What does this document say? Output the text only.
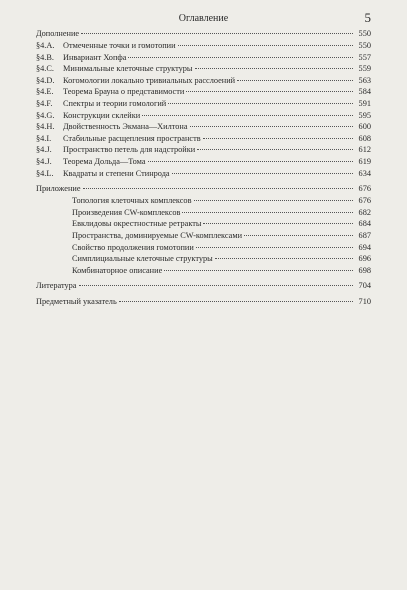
Оглавление	5
Дополнение	550
§4.A.	Отмеченные точки и гомотопии	550
§4.B.	Инвариант Хопфа	557
§4.C.	Минимальные клеточные структуры	559
§4.D.	Когомологии локально тривиальных расслоений	563
§4.E.	Теорема Брауна о представимости	584
§4.F.	Спектры и теории гомологий	591
§4.G.	Конструкции склейки	595
§4.H.	Двойственность Экмана—Хилтона	600
§4.I.	Стабильные расщепления пространств	608
§4.J.	Пространство петель для надстройки	612
§4.J.	Теорема Дольда—Тома	619
§4.L.	Квадраты и степени Стинрода	634
Приложение	676
Топология клеточных комплексов	676
Произведения CW-комплексов	682
Евклидовы окрестностные ретракты	684
Пространства, доминируемые CW-комплексами	687
Свойство продолжения гомотопии	694
Симплициальные клеточные структуры	696
Комбинаторное описание	698
Литература	704
Предметный указатель	710
